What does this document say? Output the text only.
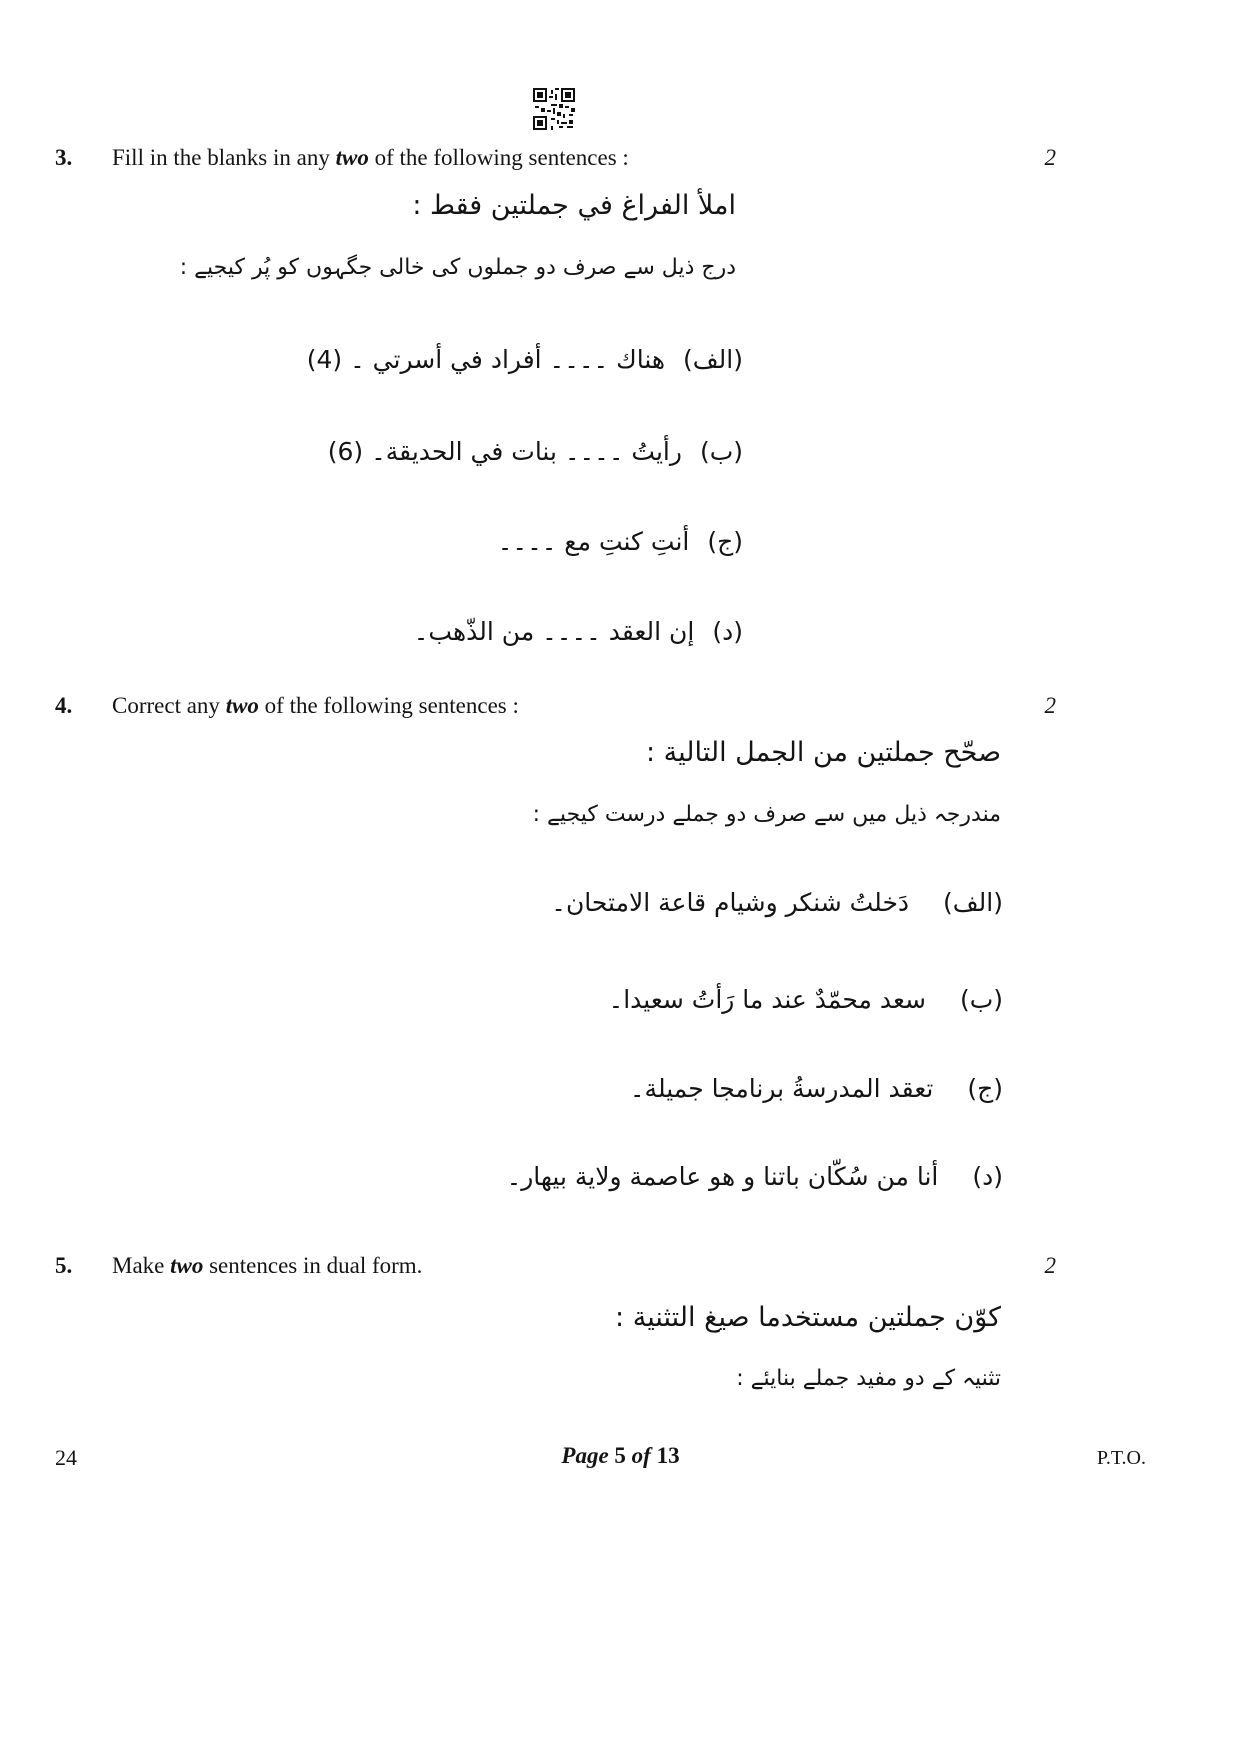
3.	Fill in the blanks in any two of the following sentences :	2
املأ الفراغ في جملتين فقط :
درج ذیل سے صرف دو جملوں کی خالی جگہوں کو پُر کیجیے :
(الف)
هناك ۔۔۔۔ أفراد في أسرتي ۔ (4)
(ب)
رأيتُ ۔۔۔۔ بنات في الحديقة۔ (6)
(ج)
أنتِ كنتِ مع ۔۔۔۔
(د)
إن العقد ۔۔۔۔ من الذّهب۔
4.	Correct any two of the following sentences :	2
صحّح جملتين من الجمل التالية :
مندرجہ ذیل میں سے صرف دو جملے درست کیجیے :
(الف)
دَخلتُ شنكر وشيام قاعة الامتحان۔
(ب)
سعد محمّدٌ عند ما رَأتُ سعيدا۔
(ج)
تعقد المدرسةُ برنامجا جميلة۔
(د)
أنا من سُكّان باتنا و هو عاصمة ولاية بيهار۔
5.	Make two sentences in dual form.	2
كوّن جملتين مستخدما صيغ التثنية :
تثنیہ کے دو مفید جملے بنایئے :
24	Page 5 of 13	P.T.O.
